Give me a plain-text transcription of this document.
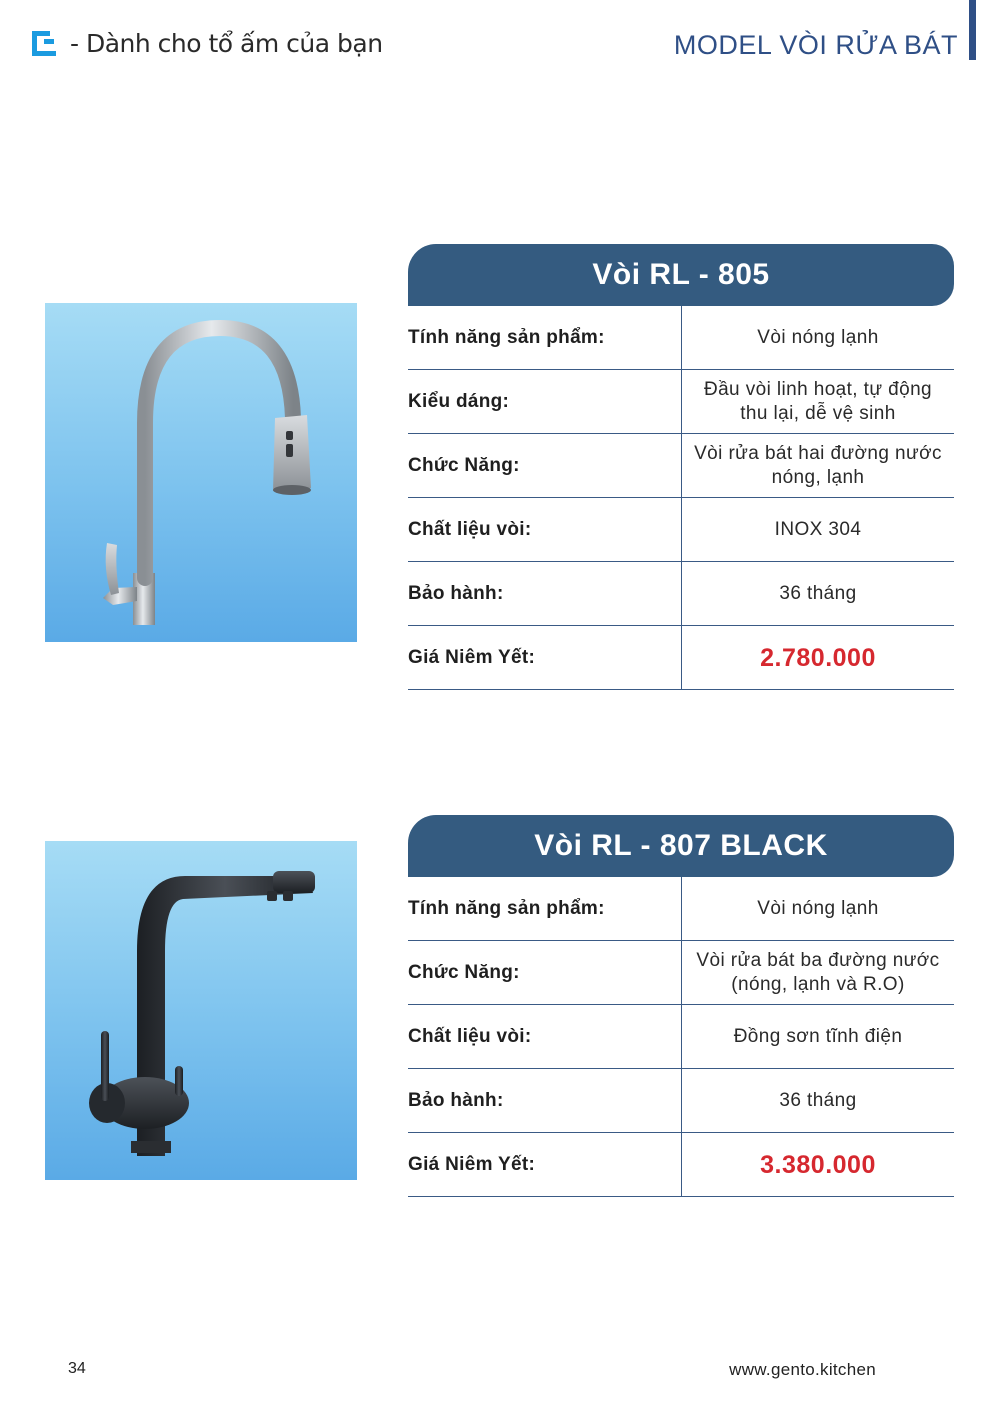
- Dành cho tổ ấm của bạn	MODEL VÒI RỬA BÁT
Vòi RL - 805
Tính năng sản phẩm:	Vòi nóng lạnh
Kiểu dáng:
Đầu vòi linh hoạt, tự động thu lại, dễ vệ sinh
Chức Năng:
Vòi rửa bát hai đường nước nóng, lạnh
Chất liệu vòi:	INOX 304
Bảo hành:	36 tháng
Giá Niêm Yết:	2.780.000
Vòi RL - 807 BLACK
Tính năng sản phẩm:	Vòi nóng lạnh
Chức Năng:
Vòi rửa bát ba đường nước (nóng, lạnh và R.O)
Chất liệu vòi:	Đồng sơn tĩnh điện
Bảo hành:	36 tháng
Giá Niêm Yết:	3.380.000
34	www.gento.kitchen
